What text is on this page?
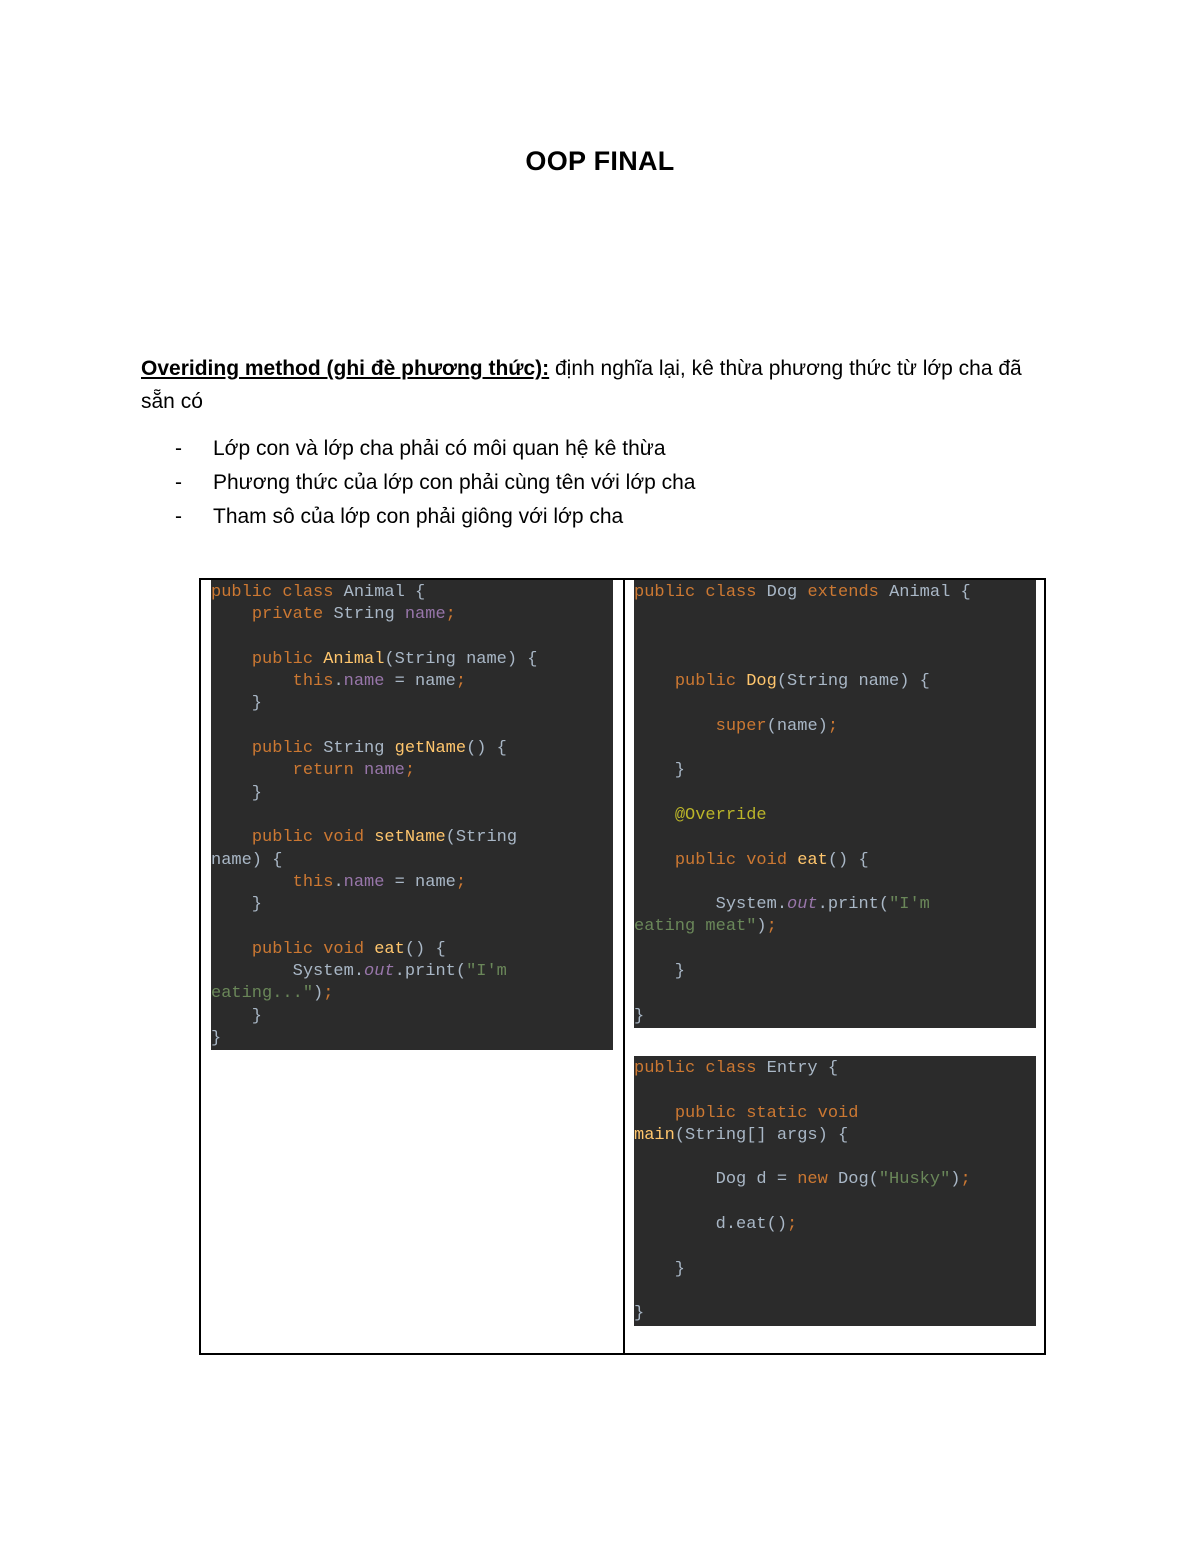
OOP FINAL
Overiding method (ghi đè phương thức): định nghĩa lại, kê thừa phương thức từ lớp cha đã sẵn có
-	Lớp con và lớp cha phải có môi quan hệ kê thừa
-	Phương thức của lớp con phải cùng tên với lớp cha
-	Tham sô của lớp con phải giông với lớp cha
public class Animal {
private String name;

public Animal(String name) {
this.name = name;
}

public String getName() {
return name;
}

public void setName(String
name) {
this.name = name;
}

public void eat() {
System.out.print("I'm
eating...");
}
}
public class Dog extends Animal {

public Dog(String name) {

super(name);

}

@Override

public void eat() {

System.out.print("I'm
eating meat");

}

}
public class Entry {

public static void
main(String[] args) {

Dog d = new Dog("Husky");

d.eat();

}

}
